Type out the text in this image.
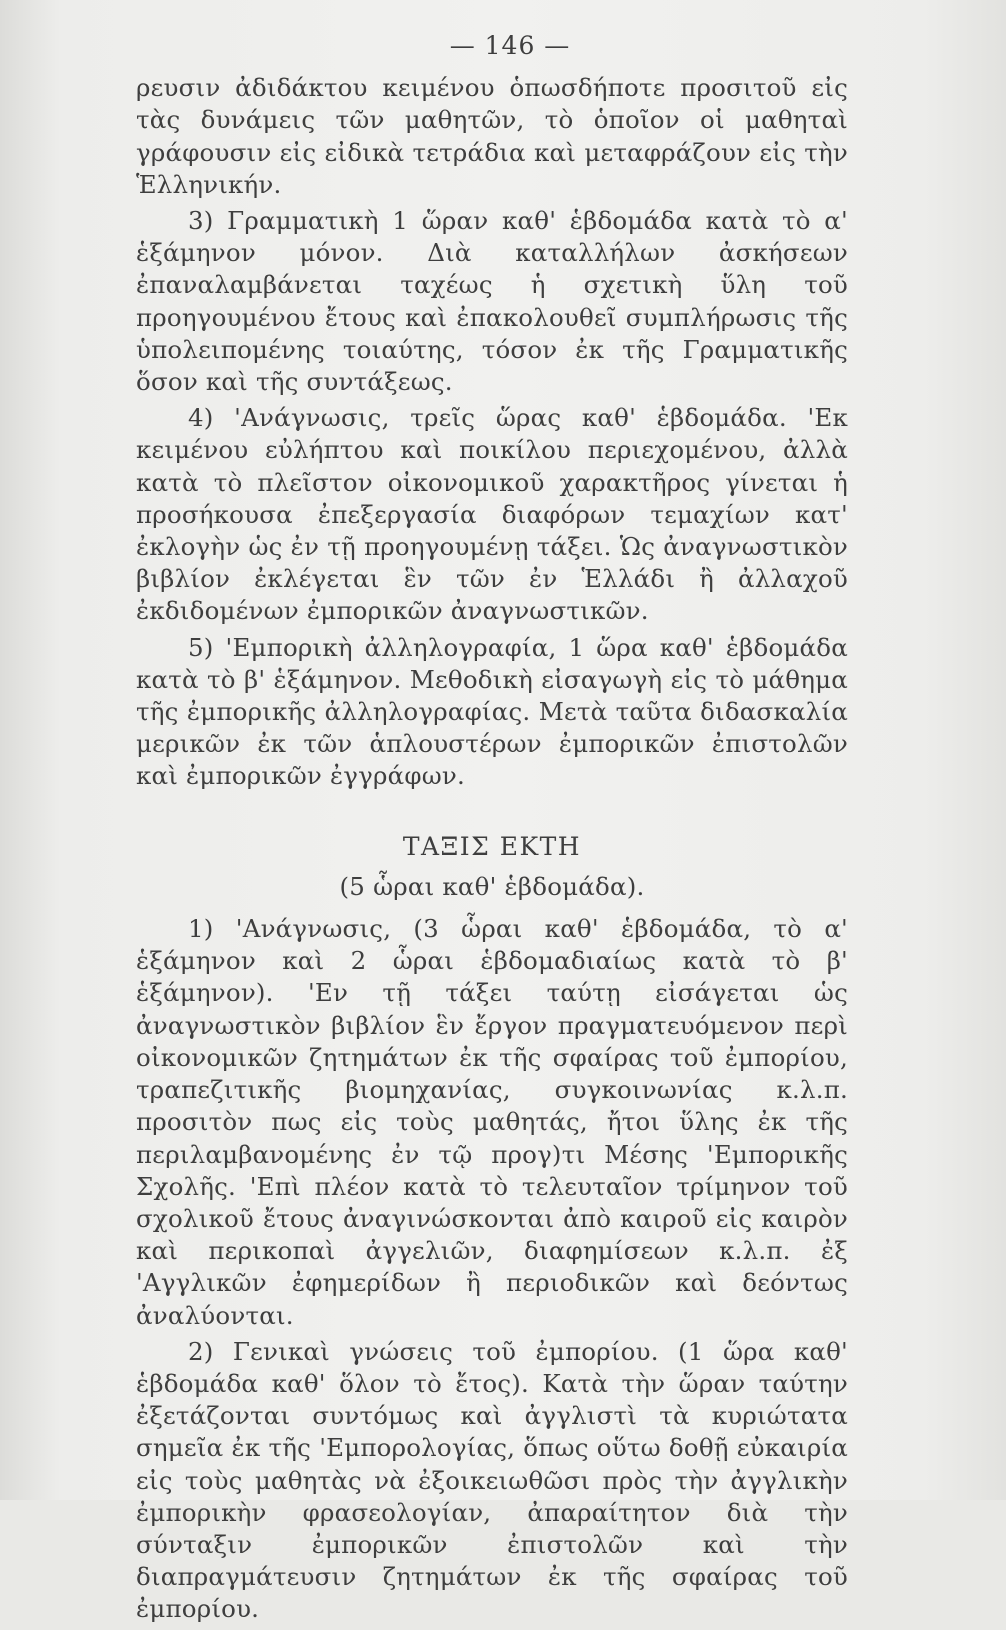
— 146 —

ρευσιν ἀδιδάκτου κειμένου ὁπωσδήποτε προσιτοῦ εἰς τὰς δυνάμεις τῶν μαθητῶν, τὸ ὁποῖον οἱ μαθηταὶ γράφουσιν εἰς εἰδικὰ τετράδια καὶ μεταφράζουν εἰς τὴν Ἑλληνικήν.

3) Γραμματικὴ 1 ὥραν καθ' ἑβδομάδα κατὰ τὸ α' ἑξάμηνον μόνον. Διὰ καταλλήλων ἀσκήσεων ἐπαναλαμβάνεται ταχέως ἡ σχετικὴ ὕλη τοῦ προηγουμένου ἔτους καὶ ἐπακολουθεῖ συμπλήρωσις τῆς ὑπολειπομένης τοιαύτης, τόσον ἐκ τῆς Γραμματικῆς ὅσον καὶ τῆς συντάξεως.

4) 'Ανάγνωσις, τρεῖς ὥρας καθ' ἑβδομάδα. 'Εκ κειμένου εὐλήπτου καὶ ποικίλου περιεχομένου, ἀλλὰ κατὰ τὸ πλεῖστον οἰκονομικοῦ χαρακτῆρος γίνεται ἡ προσήκουσα ἐπεξεργασία διαφόρων τεμαχίων κατ' ἐκλογὴν ὡς ἐν τῇ προηγουμένῃ τάξει. Ὡς ἀναγνωστικὸν βιβλίον ἐκλέγεται ἓν τῶν ἐν Ἑλλάδι ἢ ἀλλαχοῦ ἐκδιδομένων ἐμπορικῶν ἀναγνωστικῶν.

5) 'Εμπορικὴ ἀλληλογραφία, 1 ὥρα καθ' ἑβδομάδα κατὰ τὸ β' ἑξάμηνον. Μεθοδικὴ εἰσαγωγὴ εἰς τὸ μάθημα τῆς ἐμπορικῆς ἀλληλογραφίας. Μετὰ ταῦτα διδασκαλία μερικῶν ἐκ τῶν ἁπλουστέρων ἐμπορικῶν ἐπιστολῶν καὶ ἐμπορικῶν ἐγγράφων.

ΤΑΞΙΣ ΕΚΤΗ
(5 ὧραι καθ' ἑβδομάδα).

1) 'Ανάγνωσις, (3 ὧραι καθ' ἑβδομάδα, τὸ α' ἑξάμηνον καὶ 2 ὧραι ἑβδομαδιαίως κατὰ τὸ β' ἑξάμηνον). 'Εν τῇ τάξει ταύτῃ εἰσάγεται ὡς ἀναγνωστικὸν βιβλίον ἓν ἔργον πραγματευόμενον περὶ οἰκονομικῶν ζητημάτων ἐκ τῆς σφαίρας τοῦ ἐμπορίου, τραπεζιτικῆς βιομηχανίας, συγκοινωνίας κ.λ.π. προσιτὸν πως εἰς τοὺς μαθητάς, ἤτοι ὕλης ἐκ τῆς περιλαμβανομένης ἐν τῷ προγ)τι Μέσης 'Εμπορικῆς Σχολῆς. 'Επὶ πλέον κατὰ τὸ τελευταῖον τρίμηνον τοῦ σχολικοῦ ἔτους ἀναγινώσκονται ἀπὸ καιροῦ εἰς καιρὸν καὶ περικοπαὶ ἀγγελιῶν, διαφημίσεων κ.λ.π. ἐξ 'Αγγλικῶν ἐφημερίδων ἢ περιοδικῶν καὶ δεόντως ἀναλύονται.

2) Γενικαὶ γνώσεις τοῦ ἐμπορίου. (1 ὥρα καθ' ἑβδομάδα καθ' ὅλον τὸ ἔτος). Κατὰ τὴν ὥραν ταύτην ἐξετάζονται συντόμως καὶ ἀγγλιστὶ τὰ κυριώτατα σημεῖα ἐκ τῆς 'Εμπορολογίας, ὅπως οὕτω δοθῇ εὐκαιρία εἰς τοὺς μαθητὰς νὰ ἐξοικειωθῶσι πρὸς τὴν ἀγγλικὴν ἐμπορικὴν φρασεολογίαν, ἀπαραίτητον διὰ τὴν σύνταξιν ἐμπορικῶν ἐπιστολῶν καὶ τὴν διαπραγμάτευσιν ζητημάτων ἐκ τῆς σφαίρας τοῦ ἐμπορίου.
